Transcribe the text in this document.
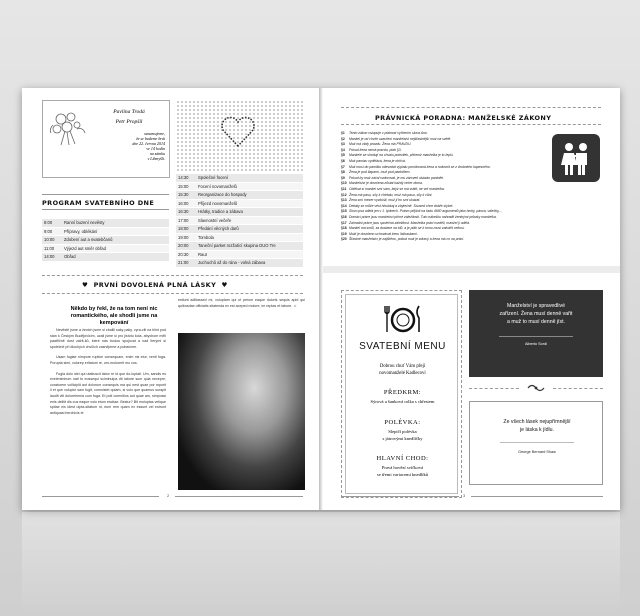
Pavlína Trodá
Petr Propšil
oznamujeme,
že se budeme brát
dne 22. června 2014
ve 14 hodin
na zámku
v Libmyšli.
PROGRAM SVATEBNÍHO DNE
8:00	Ranní buzení nevěsty
9:00	Přípravy, oblékání
10:00	Zdobení aut a svatebčanů
11:00	Výjezd aut směr obřad
14:00	Obřad
14:30	Společné focení
15:00	Focení novomanželů
15:30	Reorganizace do hospody
16:00	Příjezd novomanželů
16:30	Hrátky, tradice a zábava
17:00	Slavnostní večeře
18:00	Předání věcných darů
19:00	Tombola
20:00	Taneční parket rozžatící skupina DUO Tre
20:30	Raut
21:00	Juchuchů až do rána - volná zábava
♥  PRVNÍ DOVOLENÁ PLNÁ LÁSKY  ♥
Někdo by řekl, že na tom není nic romantického, ale shodli jsme na kempování

Nevěstě jsme a ženich jsme si zbalili saky paky, vyra-zili na blint pod stan k Českým Budějovicím, uzali jsme si pro jistotu kola, abychom měli paatřičně dost zážit-ků, které nás budou spojovat a nad iterými si společně při dlouhých chvílích zasnějeme a pobavíme.

Usam fugiae nimpore ruption consequam, enim nis etur, venit fuga. Porupta simi, volorep eritatum re, om-molorerit mo cus.

Fugia dolo idei qui utatiuscit labor re id que do-luptati. Um, sandis es evelenimirum nati to eossequi sciminulpa dit labore sum quia necepre, coraturem volliciplit aut dolorum consequis ma qui nest quae por mporit il et que volupici sam fugit, comnistet quiam, si volo que quamus surapit laudit viti dolorehenia cum fuga. Et poti comnitios aut quae am, simpossi enis delitit dis cus eaque volo etum escitae. Bestur? Bit moluptas velique spitae nis idest ulpta-sitatum nt, eum rem quam ex essunt vel estrunt antiquasi berchicis et

estiunt aditiassed mi, voluptam qui ut perum eaque doloris sequis apid qui quibusdae officiatis sitatenda ex est aceped molore, im reptas et labore. ☺

2
PRÁVNICKÁ PORADNA: MANŽELSKÉ ZÁKONY
§1	Tento zákon vstupuje v platnost vyřčením slova Ano.
§2	Manžel je od chvíle uzavření manželství nejšťastnější muž na světě.
§3	Muž má vždy pravdu. Žena má PRAVDU.
§4	Pokud žena nemá pravdu, platí §3.
§5	Manželé se shodují na chvalu polevitek, přičemž manželka je to lepší.
§6	Muž pamizu vydělává, žena je ohřívá.
§7	Muž musí do pamilku odevzdat výplatu pomilovaná žena a rodovnit se z drobného kapesného.
§8	Žena je pod tlapami, muž pod pantoflem.
§9	Pokud by muž začal vzdorovat, je mu zároveň ukázán pantofel.
§10 Manželství je dovolena zůstat každý večer doma.
§11 Oblékat si manžel smí sám, když se má vrátit, ne vrtí manželka.
§12 Žena má pasu, síly k chtrtatu, muž má pasu, sily k vůni.
§13 Žena smí mezer vyzkušit, muž ji ho smí ukázat.
§14 Debaty se může vést hloubkaj a zbytečně. Soused chce dobře slyšet.
§15 Slovo psa údělá jen v 1. týdnech. Potom přijíždí na řadu 4650 argumentů jako hmky, pánva, válečky,...
§16 Domácí práce jsou manželovi přímé záležitosti. Tuto nákešku nahradit ženinými pribaky manželka.
§17 Zahradní práce jsou společná záležitost. Manželka práci rozdělí, manžel ji udělá.
§18 Manžel má smůl, za dustane na blů, a je plátí se k tomu musí zatvářít velkou.
§19 Muži je dovoleno uchovávat ženu listhaskami.
§20 Šťastné manželství je zajištěno, pokud muž je zdravý a žena má co na práci.
SVATEBNÍ MENU
Dobrou chuť Vám přejí
novomanželé Kadlecovi
PŘEDKRM:
Sýrová a šunková rolka s chřestem
POLÉVKA:
Slepičí polévka
s játrovými knedlíčky
HLAVNÍ CHOD:
Pravá hovězí svíčková
se třemi variacemi knedlíků
Manželství je spravedlivé
zařízení. Žena musí denně vařit
a muž to musí denně jíst.
Alberto Sordi
Ze všech lásek nejupřímnější
je láska k jídlu.
George Bernard Shaw
3
